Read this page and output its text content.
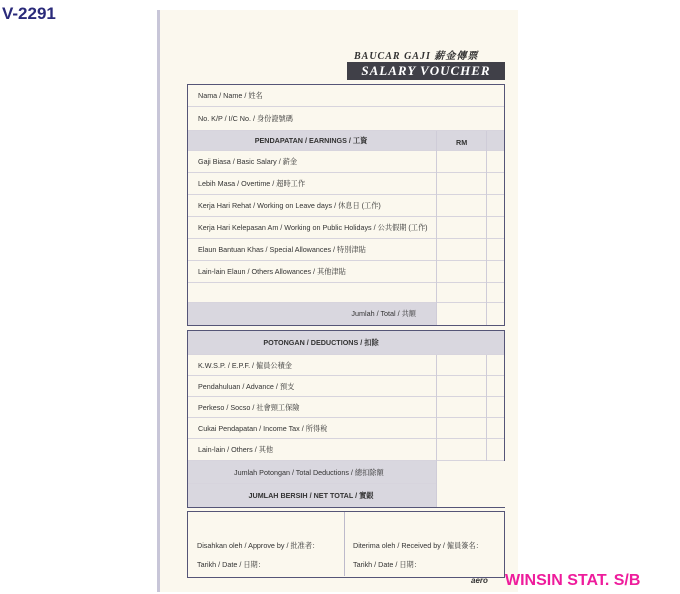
V-2291
BAUCAR GAJI 薪金傳票
SALARY VOUCHER
Nama / Name / 姓名
No. K/P / I/C No. / 身份證號碼
PENDAPATAN / EARNINGS / 工資	RM
Gaji Biasa / Basic Salary / 薪金
Lebih Masa / Overtime / 超時工作
Kerja Hari Rehat / Working on Leave days / 休息日 (工作)
Kerja Hari Kelepasan Am / Working on Public Holidays / 公共假期 (工作)
Elaun Bantuan Khas / Special Allowances / 特別津貼
Lain-lain Elaun / Others Allowances / 其他津貼
Jumlah / Total / 共額
POTONGAN / DEDUCTIONS / 扣除
K.W.S.P. / E.P.F. / 僱員公積金
Pendahuluan / Advance / 預支
Perkeso / Socso / 社會頸工保險
Cukai Pendapatan / Income Tax / 所得稅
Lain-lain / Others / 其他
Jumlah Potongan / Total Deductions / 總扣除額
JUMLAH BERSIH / NET TOTAL / 實銀
Disahkan oleh / Approve by / 批准者：	Diterima oleh / Received by / 僱員簽名：
Tarikh / Date / 日期：	Tarikh / Date / 日期：
aero WINSIN STAT. S/B
